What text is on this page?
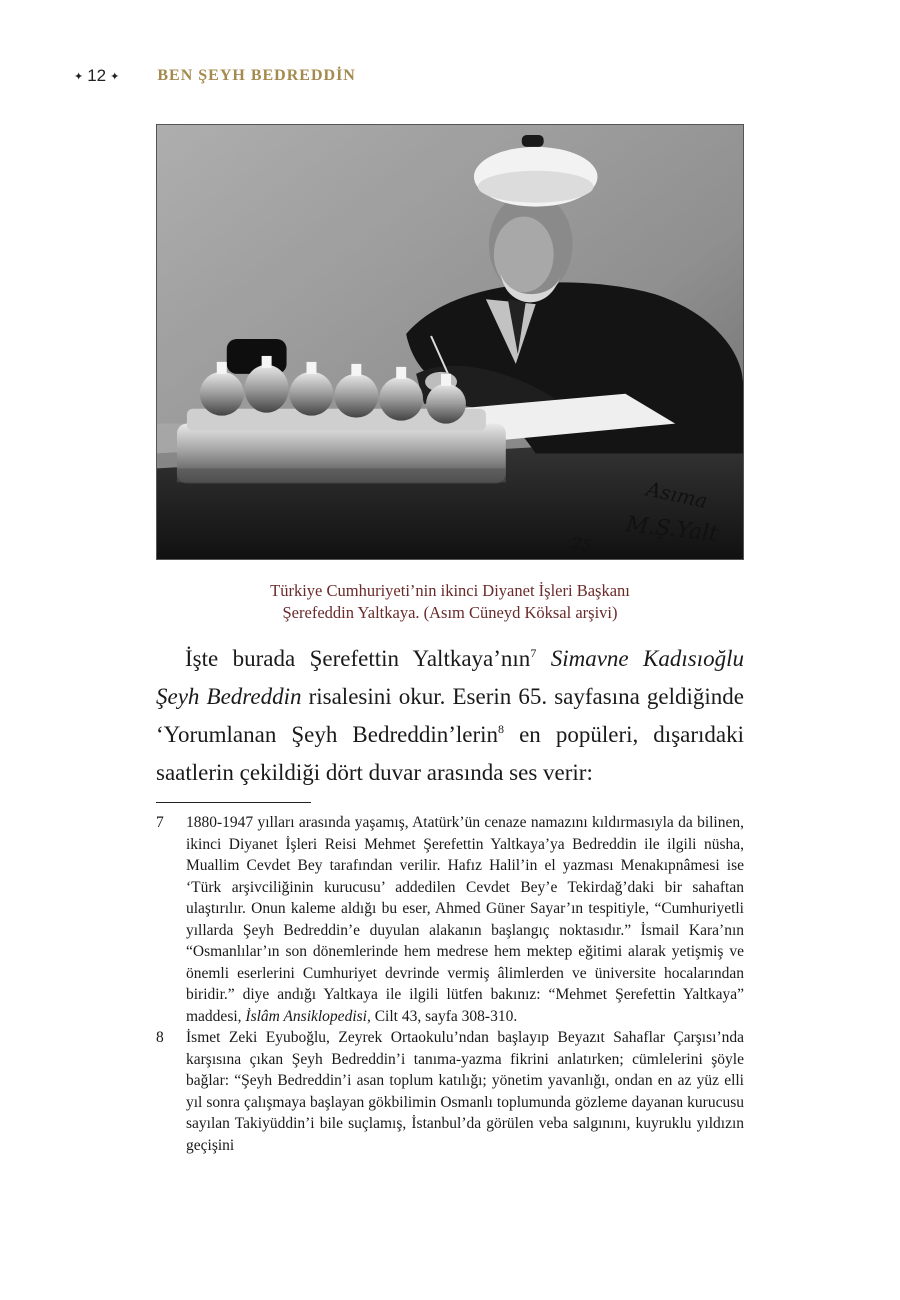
✦ 12 ✦ BEN ŞEYH BEDREDDİN
Asıma
M.Ş.Yalt
25
Türkiye Cumhuriyeti’nin ikinci Diyanet İşleri Başkanı
Şerefeddin Yaltkaya. (Asım Cüneyd Köksal arşivi)

İşte burada Şerefettin Yaltkaya’nın$^7$ Simavne Kadısıoğlu Şeyh Bedreddin risalesini okur. Eserin 65. sayfasına geldiğinde ‘Yorumlanan Şeyh Bedreddin’lerin$^8$ en popüleri, dışarıdaki saatlerin çekildiği dört duvar arasında ses verir:

7	1880-1947 yılları arasında yaşamış, Atatürk’ün cenaze namazını kıldırmasıyla da bilinen, ikinci Diyanet İşleri Reisi Mehmet Şerefettin Yaltkaya’ya Bedreddin ile ilgili nüsha, Muallim Cevdet Bey tarafından verilir. Hafız Halil’in el yazması Menakıpnâmesi ise ‘Türk arşivciliğinin kurucusu’ addedilen Cevdet Bey’e Tekirdağ’daki bir sahaftan ulaştırılır. Onun kaleme aldığı bu eser, Ahmed Güner Sayar’ın tespitiyle, “Cumhuriyetli yıllarda Şeyh Bedreddin’e duyulan alakanın başlangıç noktasıdır.” İsmail Kara’nın “Osmanlılar’ın son dönemlerinde hem medrese hem mektep eğitimi alarak yetişmiş ve önemli eserlerini Cumhuriyet devrinde vermiş âlimlerden ve üniversite hocalarından biridir.” diye andığı Yaltkaya ile ilgili lütfen bakınız: “Mehmet Şerefettin Yaltkaya” maddesi, İslâm Ansiklopedisi, Cilt 43, sayfa 308-310.
8	İsmet Zeki Eyuboğlu, Zeyrek Ortaokulu’ndan başlayıp Beyazıt Sahaflar Çarşısı’nda karşısına çıkan Şeyh Bedreddin’i tanıma-yazma fikrini anlatırken; cümlelerini şöyle bağlar: “Şeyh Bedreddin’i asan toplum katılığı; yönetim yavanlığı, ondan en az yüz elli yıl sonra çalışmaya başlayan gökbilimin Osmanlı toplumunda gözleme dayanan kurucusu sayılan Takiyüddin’i bile suçlamış, İstanbul’da görülen veba salgınını, kuyruklu yıldızın geçişini
